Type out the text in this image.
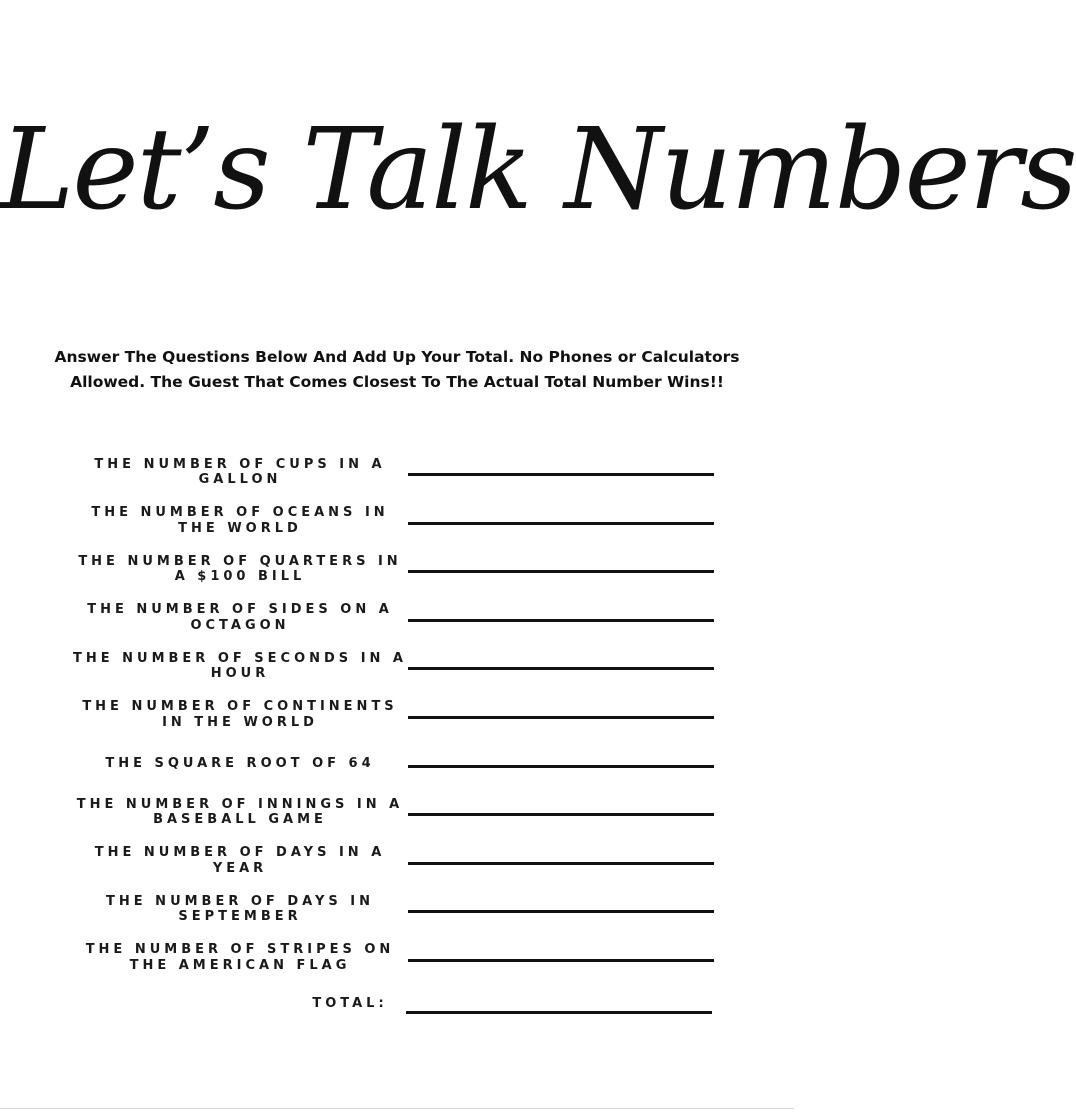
Let’s Talk Numbers
Answer The Questions Below And Add Up Your Total. No Phones or Calculators Allowed. The Guest That Comes Closest To The Actual Total Number Wins!!
THE NUMBER OF CUPS IN A GALLON
THE NUMBER OF OCEANS IN THE WORLD
THE NUMBER OF QUARTERS IN A $100 BILL
THE NUMBER OF SIDES ON A OCTAGON
THE NUMBER OF SECONDS IN A HOUR
THE NUMBER OF CONTINENTS IN THE WORLD
THE SQUARE ROOT OF 64
THE NUMBER OF INNINGS IN A BASEBALL GAME
THE NUMBER OF DAYS IN A YEAR
THE NUMBER OF DAYS IN SEPTEMBER
THE NUMBER OF STRIPES ON THE AMERICAN FLAG
TOTAL:
